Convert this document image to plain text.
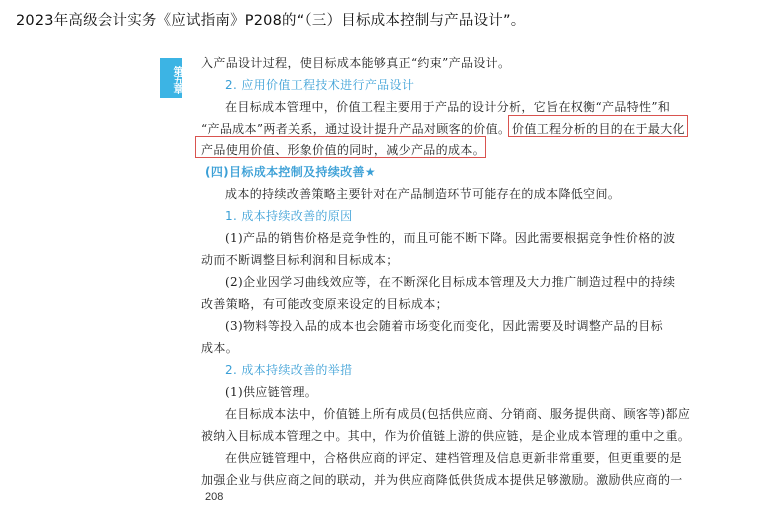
2023年高级会计实务《应试指南》P208的“（三）目标成本控制与产品设计”。
第五章
入产品设计过程，使目标成本能够真正“约束”产品设计。
2. 应用价值工程技术进行产品设计
在目标成本管理中，价值工程主要用于产品的设计分析，它旨在权衡“产品特性”和
“产品成本”两者关系，通过设计提升产品对顾客的价值。 价值工程分析的目的在于最大化
产品使用价值、形象价值的同时，减少产品的成本。
(四)目标成本控制及持续改善★
成本的持续改善策略主要针对在产品制造环节可能存在的成本降低空间。
1. 成本持续改善的原因
(1)产品的销售价格是竞争性的，而且可能不断下降。因此需要根据竞争性价格的波
动而不断调整目标利润和目标成本；
(2)企业因学习曲线效应等，在不断深化目标成本管理及大力推广制造过程中的持续
改善策略，有可能改变原来设定的目标成本；
(3)物料等投入品的成本也会随着市场变化而变化，因此需要及时调整产品的目标
成本。
2. 成本持续改善的举措
(1)供应链管理。
在目标成本法中，价值链上所有成员(包括供应商、分销商、服务提供商、顾客等)都应
被纳入目标成本管理之中。其中，作为价值链上游的供应链，是企业成本管理的重中之重。
在供应链管理中，合格供应商的评定、建档管理及信息更新非常重要，但更重要的是
加强企业与供应商之间的联动，并为供应商降低供货成本提供足够激励。激励供应商的一
208
